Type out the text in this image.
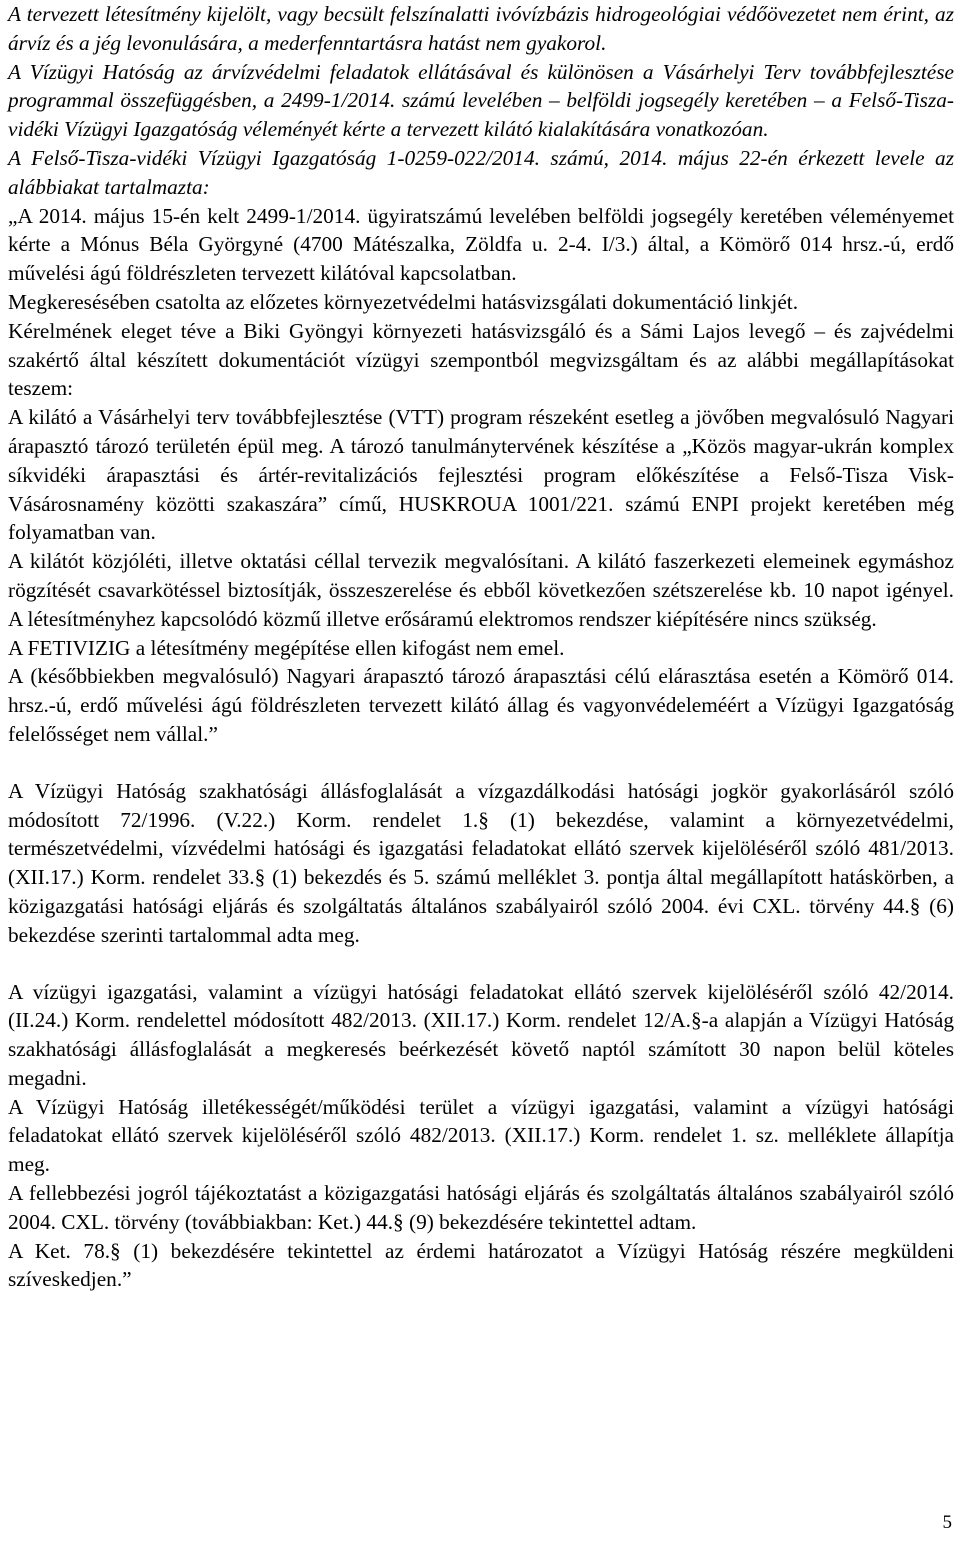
A tervezett létesítmény kijelölt, vagy becsült felszínalatti ivóvízbázis hidrogeológiai védőövezetet nem érint, az árvíz és a jég levonulására, a mederfenntartásra hatást nem gyakorol.

A Vízügyi Hatóság az árvízvédelmi feladatok ellátásával és különösen a Vásárhelyi Terv továbbfejlesztése programmal összefüggésben, a 2499-1/2014. számú levelében – belföldi jogsegély keretében – a Felső-Tisza-vidéki Vízügyi Igazgatóság véleményét kérte a tervezett kilátó kialakítására vonatkozóan.

A Felső-Tisza-vidéki Vízügyi Igazgatóság 1-0259-022/2014. számú, 2014. május 22-én érkezett levele az alábbiakat tartalmazta:

„A 2014. május 15-én kelt 2499-1/2014. ügyiratszámú levelében belföldi jogsegély keretében véleményemet kérte a Mónus Béla Györgyné (4700 Mátészalka, Zöldfa u. 2-4. I/3.) által, a Kömörő 014 hrsz.-ú, erdő művelési ágú földrészleten tervezett kilátóval kapcsolatban.

Megkeresésében csatolta az előzetes környezetvédelmi hatásvizsgálati dokumentáció linkjét.

Kérelmének eleget téve a Biki Gyöngyi környezeti hatásvizsgáló és a Sámi Lajos levegő – és zajvédelmi szakértő által készített dokumentációt vízügyi szempontból megvizsgáltam és az alábbi megállapításokat teszem:

A kilátó a Vásárhelyi terv továbbfejlesztése (VTT) program részeként esetleg a jövőben megvalósuló Nagyari árapasztó tározó területén épül meg. A tározó tanulmánytervének készítése a „Közös magyar-ukrán komplex síkvidéki árapasztási és ártér-revitalizációs fejlesztési program előkészítése a Felső-Tisza Visk-Vásárosnamény közötti szakaszára” című, HUSKROUA 1001/221. számú ENPI projekt keretében még folyamatban van.

A kilátót közjóléti, illetve oktatási céllal tervezik megvalósítani. A kilátó faszerkezeti elemeinek egymáshoz rögzítését csavarkötéssel biztosítják, összeszerelése és ebből következően szétszerelése kb. 10 napot igényel. A létesítményhez kapcsolódó közmű illetve erősáramú elektromos rendszer kiépítésére nincs szükség.

A FETIVIZIG a létesítmény megépítése ellen kifogást nem emel.

A (későbbiekben megvalósuló) Nagyari árapasztó tározó árapasztási célú elárasztása esetén a Kömörő 014. hrsz.-ú, erdő művelési ágú földrészleten tervezett kilátó állag és vagyonvédeleméért a Vízügyi Igazgatóság felelősséget nem vállal.”

A Vízügyi Hatóság szakhatósági állásfoglalását a vízgazdálkodási hatósági jogkör gyakorlásáról szóló módosított 72/1996. (V.22.) Korm. rendelet 1.§ (1) bekezdése, valamint a környezetvédelmi, természetvédelmi, vízvédelmi hatósági és igazgatási feladatokat ellátó szervek kijelöléséről szóló 481/2013. (XII.17.) Korm. rendelet 33.§ (1) bekezdés és 5. számú melléklet 3. pontja által megállapított hatáskörben, a közigazgatási hatósági eljárás és szolgáltatás általános szabályairól szóló 2004. évi CXL. törvény 44.§ (6) bekezdése szerinti tartalommal adta meg.

A vízügyi igazgatási, valamint a vízügyi hatósági feladatokat ellátó szervek kijelöléséről szóló 42/2014. (II.24.) Korm. rendelettel módosított 482/2013. (XII.17.) Korm. rendelet 12/A.§-a alapján a Vízügyi Hatóság szakhatósági állásfoglalását a megkeresés beérkezését követő naptól számított 30 napon belül köteles megadni.

A Vízügyi Hatóság illetékességét/működési terület a vízügyi igazgatási, valamint a vízügyi hatósági feladatokat ellátó szervek kijelöléséről szóló 482/2013. (XII.17.) Korm. rendelet 1. sz. melléklete állapítja meg.

A fellebbezési jogról tájékoztatást a közigazgatási hatósági eljárás és szolgáltatás általános szabályairól szóló 2004. CXL. törvény (továbbiakban: Ket.) 44.§ (9) bekezdésére tekintettel adtam.

A Ket. 78.§ (1) bekezdésére tekintettel az érdemi határozatot a Vízügyi Hatóság részére megküldeni szíveskedjen.”

5
